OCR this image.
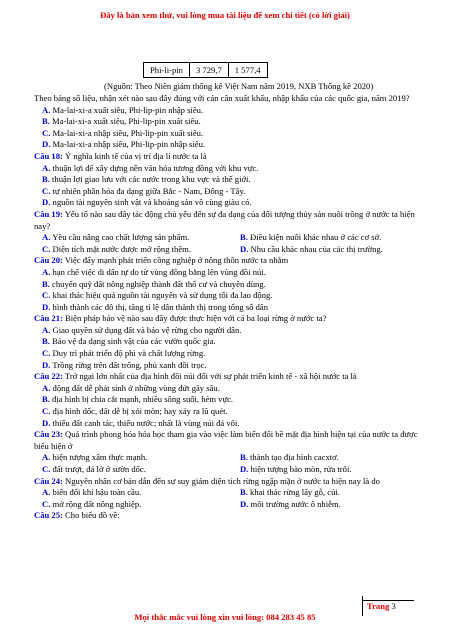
Đây là bản xem thử, vui lòng mua tài liệu để xem chi tiết (có lời giải)
Phi-li-pin	3 729,7	1 577,4
(Nguồn: Theo Niên giám thống kê Việt Nam năm 2019, NXB Thống kê 2020)

Theo bảng số liệu, nhận xét nào sau đây đúng với cán cân xuất khẩu, nhập khẩu của các quốc gia, năm 2019?

A. Ma-lai-xi-a xuất siêu, Phi-lip-pin nhập siêu.

B. Ma-lai-xi-a xuất siêu, Phi-lip-pin xuất siêu.

C. Ma-lai-xi-a nhập siêu, Phi-lip-pin xuất siêu.

D. Ma-lai-xi-a nhập siêu, Phi-lip-pin nhập siêu.

Câu 18: Ý nghĩa kinh tế của vị trí địa lí nước ta là

A. thuận lợi để xây dựng nền văn hóa tương đồng với khu vực.

B. thuận lợi giao lưu với các nước trong khu vực và thế giới.

C. tự nhiên phân hóa đa dạng giữa Bắc - Nam, Đông - Tây.

D. nguồn tài nguyên sinh vật và khoáng sản vô cùng giàu có.

Câu 19: Yếu tố nào sau đây tác động chủ yếu đến sự đa dạng của đối tượng thủy sản nuôi trồng ở nước ta hiện nay?

A. Yêu cầu nâng cao chất lượng sản phẩm.	B. Điều kiện nuôi khác nhau ở các cơ sở.

C. Diện tích mặt nước được mở rộng thêm.	D. Nhu cầu khác nhau của các thị trường.

Câu 20: Việc đẩy mạnh phát triển công nghiệp ở nông thôn nước ta nhằm

A. hạn chế việc di dân tự do từ vùng đồng bằng lên vùng đồi núi.

B. chuyển quỹ đất nông nghiệp thành đất thổ cư và chuyên dùng.

C. khai thác hiệu quả nguồn tài nguyên và sử dụng tối đa lao động.

D. hình thành các đô thị, tăng tỉ lệ dân thành thị trong tổng số dân

Câu 21: Biện pháp bảo vệ nào sau đây được thực hiện với cả ba loại rừng ở nước ta?

A. Giao quyền sử dụng đất và bảo vệ rừng cho người dân.

B. Bảo vệ đa dạng sinh vật của các vườn quốc gia.

C. Duy trì phát triển độ phì và chất lượng rừng.

D. Trồng rừng trên đất trống, phủ xanh đồi trọc.

Câu 22: Trở ngại lớn nhất của địa hình đồi núi đối với sự phát triển kinh tế - xã hội nước ta là

A. động đất dễ phát sinh ở những vùng đứt gãy sâu.

B. địa hình bị chia cắt mạnh, nhiều sông suối, hẻm vực.

C. địa hình dốc, đất dễ bị xói mòn; hay xảy ra lũ quét.

D. thiếu đất canh tác, thiếu nước; nhất là vùng núi đá vôi.

Câu 23: Quá trình phong hóa hóa học tham gia vào việc làm biến đổi bề mặt địa hình hiện tại của nước ta được biểu hiện ở

A. hiện tượng xâm thực mạnh.	B. thành tạo địa hình cacxtơ.

C. đất trượt, đá lở ở sườn dốc.	D. hiện tượng bào mòn, rửa trôi.

Câu 24: Nguyên nhân cơ bản dẫn đến sự suy giảm diện tích rừng ngập mặn ở nước ta hiện nay là do

A. biến đổi khí hậu toàn cầu.	B. khai thác rừng lấy gỗ, củi.

C. mở rộng đất nông nghiệp.	D. môi trường nước ô nhiễm.

Câu 25: Cho biểu đồ về:

Trang 3
Mọi thắc mắc vui lòng xin vui lòng: 084 283 45 85
